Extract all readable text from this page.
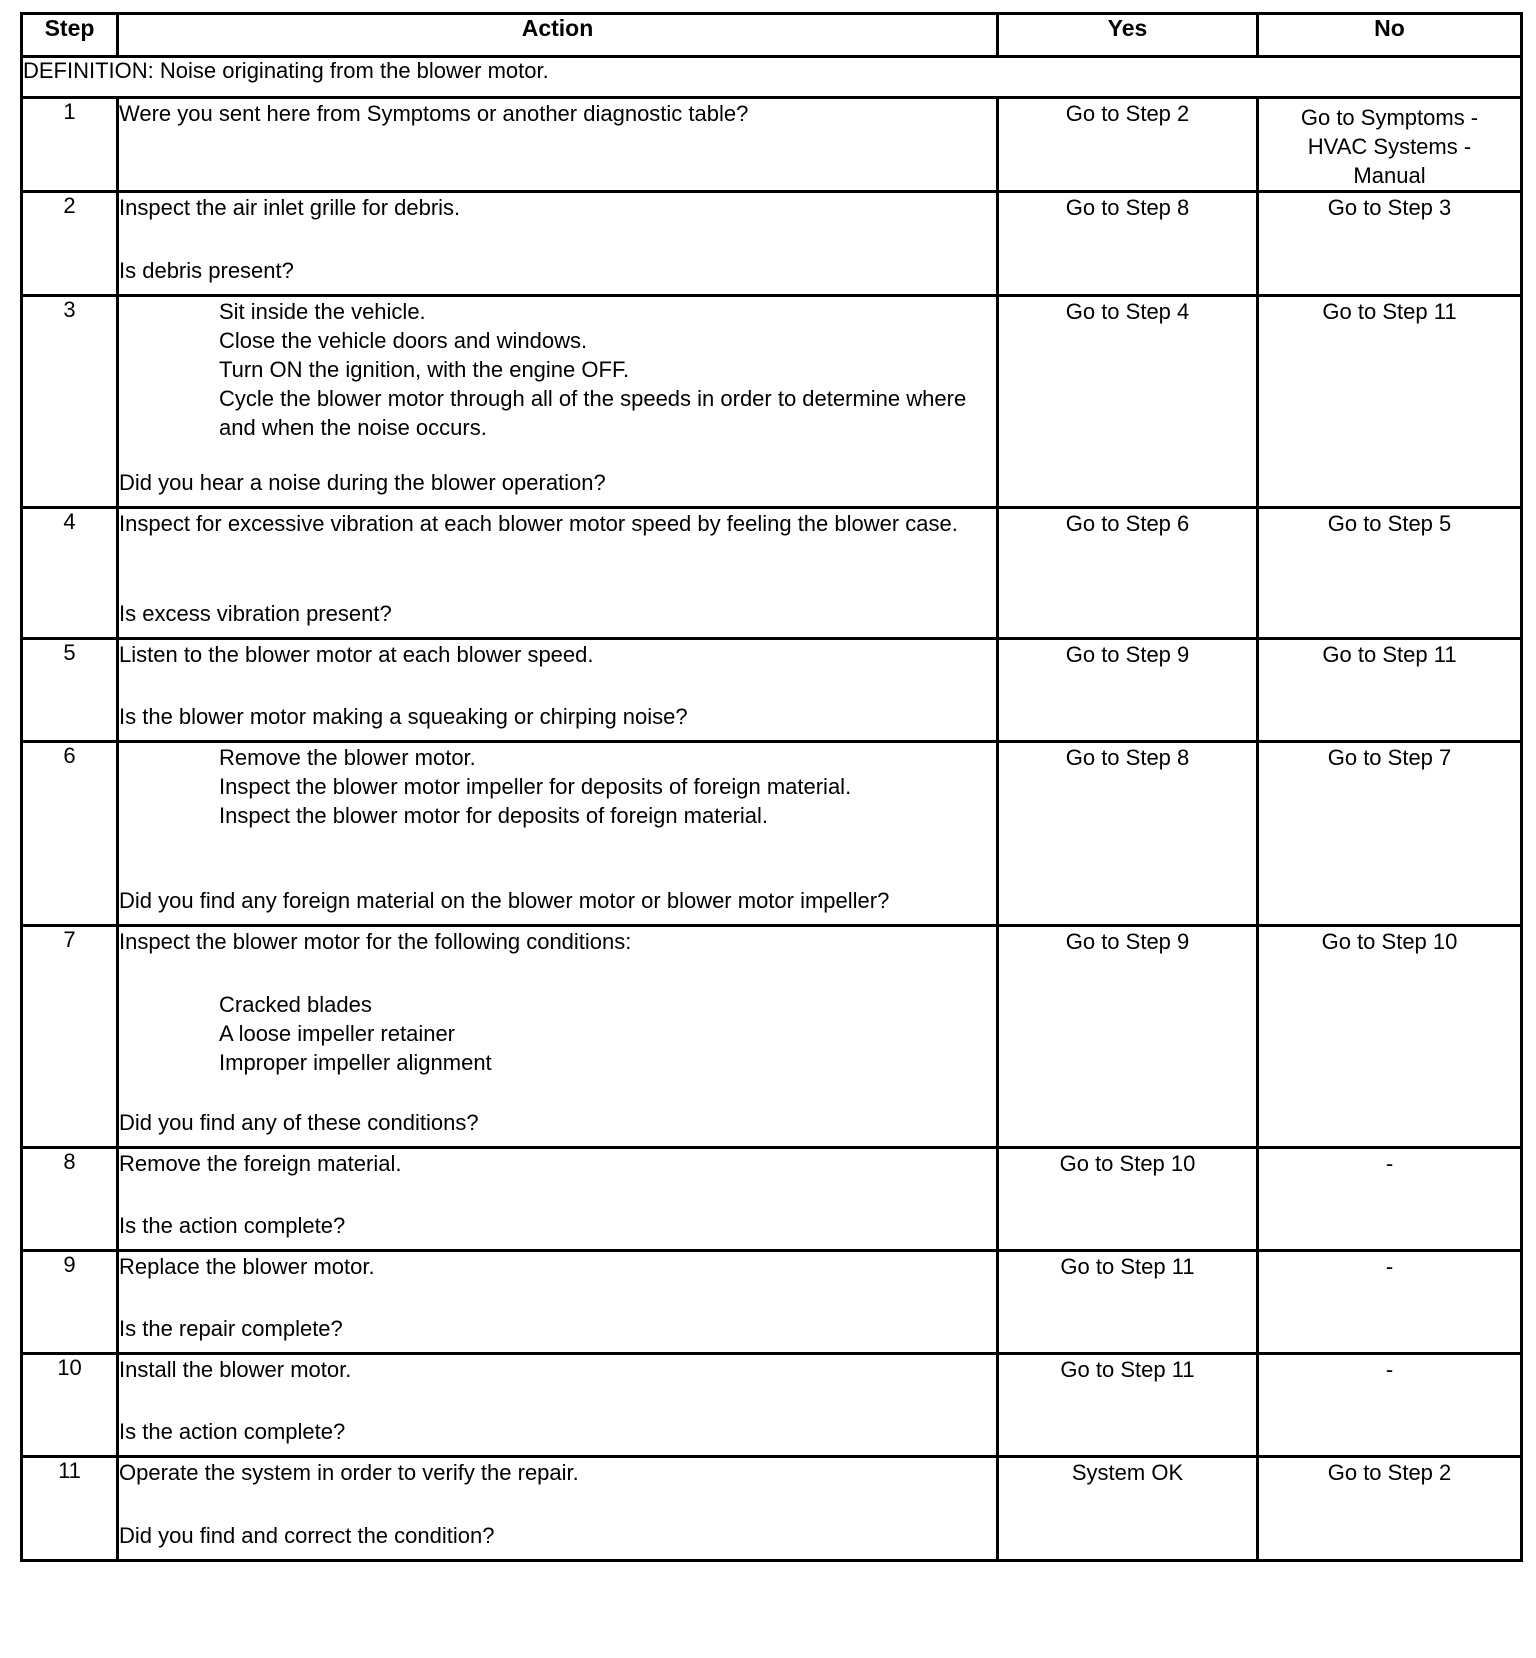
Step	Action	Yes	No
DEFINITION: Noise originating from the blower motor.			
1	Were you sent here from Symptoms or another diagnostic table?	Go to Step 2	Go to Symptoms - HVAC Systems - Manual
2	Inspect the air inlet grille for debris.
Is debris present?	Go to Step 8	Go to Step 3
3	Sit inside the vehicle.
Close the vehicle doors and windows.
Turn ON the ignition, with the engine OFF.
Cycle the blower motor through all of the speeds in order to determine where and when the noise occurs.
Did you hear a noise during the blower operation?	Go to Step 4	Go to Step 11
4	Inspect for excessive vibration at each blower motor speed by feeling the blower case.
Is excess vibration present?	Go to Step 6	Go to Step 5
5	Listen to the blower motor at each blower speed.
Is the blower motor making a squeaking or chirping noise?	Go to Step 9	Go to Step 11
6	Remove the blower motor.
Inspect the blower motor impeller for deposits of foreign material.
Inspect the blower motor for deposits of foreign material.
Did you find any foreign material on the blower motor or blower motor impeller?	Go to Step 8	Go to Step 7
7	Inspect the blower motor for the following conditions:
Cracked blades
A loose impeller retainer
Improper impeller alignment
Did you find any of these conditions?	Go to Step 9	Go to Step 10
8	Remove the foreign material.
Is the action complete?	Go to Step 10	-
9	Replace the blower motor.
Is the repair complete?	Go to Step 11	-
10	Install the blower motor.
Is the action complete?	Go to Step 11	-
11	Operate the system in order to verify the repair.
Did you find and correct the condition?	System OK	Go to Step 2
